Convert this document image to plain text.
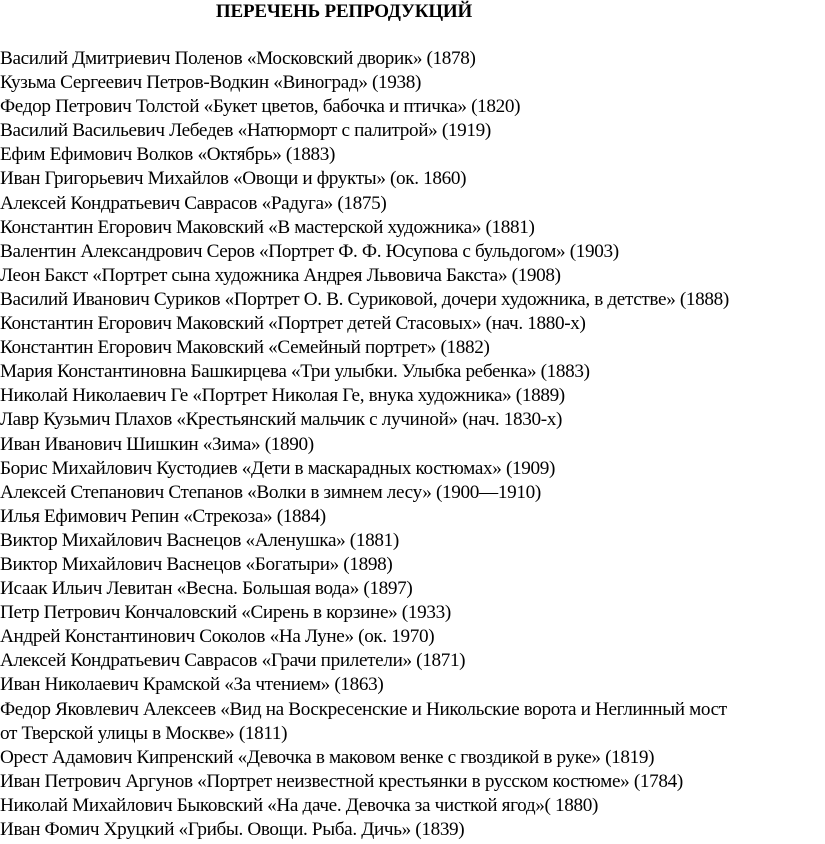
ПЕРЕЧЕНЬ РЕПРОДУКЦИЙ
Василий Дмитриевич Поленов «Московский дворик» (1878)
Кузьма Сергеевич Петров-Водкин «Виноград» (1938)
Федор Петрович Толстой «Букет цветов, бабочка и птичка» (1820)
Василий Васильевич Лебедев «Натюрморт с палитрой» (1919)
Ефим Ефимович Волков «Октябрь» (1883)
Иван Григорьевич Михайлов «Овощи и фрукты» (ок. 1860)
Алексей Кондратьевич Саврасов «Радуга» (1875)
Константин Егорович Маковский «В мастерской художника» (1881)
Валентин Александрович Серов «Портрет Ф. Ф. Юсупова с бульдогом» (1903)
Леон Бакст «Портрет сына художника Андрея Львовича Бакста» (1908)
Василий Иванович Суриков «Портрет О. В. Суриковой, дочери художника, в детстве» (1888)
Константин Егорович Маковский «Портрет детей Стасовых» (нач. 1880-х)
Константин Егорович Маковский «Семейный портрет» (1882)
Мария Константиновна Башкирцева «Три улыбки. Улыбка ребенка» (1883)
Николай Николаевич Ге «Портрет Николая Ге, внука художника» (1889)
Лавр Кузьмич Плахов «Крестьянский мальчик с лучиной» (нач. 1830-х)
Иван Иванович Шишкин «Зима» (1890)
Борис Михайлович Кустодиев «Дети в маскарадных костюмах» (1909)
Алексей Степанович Степанов «Волки в зимнем лесу» (1900—1910)
Илья Ефимович Репин «Стрекоза» (1884)
Виктор Михайлович Васнецов «Аленушка» (1881)
Виктор Михайлович Васнецов «Богатыри» (1898)
Исаак Ильич Левитан «Весна. Большая вода» (1897)
Петр Петрович Кончаловский «Сирень в корзине» (1933)
Андрей Константинович Соколов «На Луне» (ок. 1970)
Алексей Кондратьевич Саврасов «Грачи прилетели» (1871)
Иван Николаевич Крамской «За чтением» (1863)
Федор Яковлевич Алексеев «Вид на Воскресенские и Никольские ворота и Неглинный мост
от Тверской улицы в Москве» (1811)
Орест Адамович Кипренский «Девочка в маковом венке с гвоздикой в руке» (1819)
Иван Петрович Аргунов «Портрет неизвестной крестьянки в русском костюме» (1784)
Николай Михайлович Быковский «На даче. Девочка за чисткой ягод»( 1880)
Иван Фомич Хруцкий «Грибы. Овощи. Рыба. Дичь» (1839)
